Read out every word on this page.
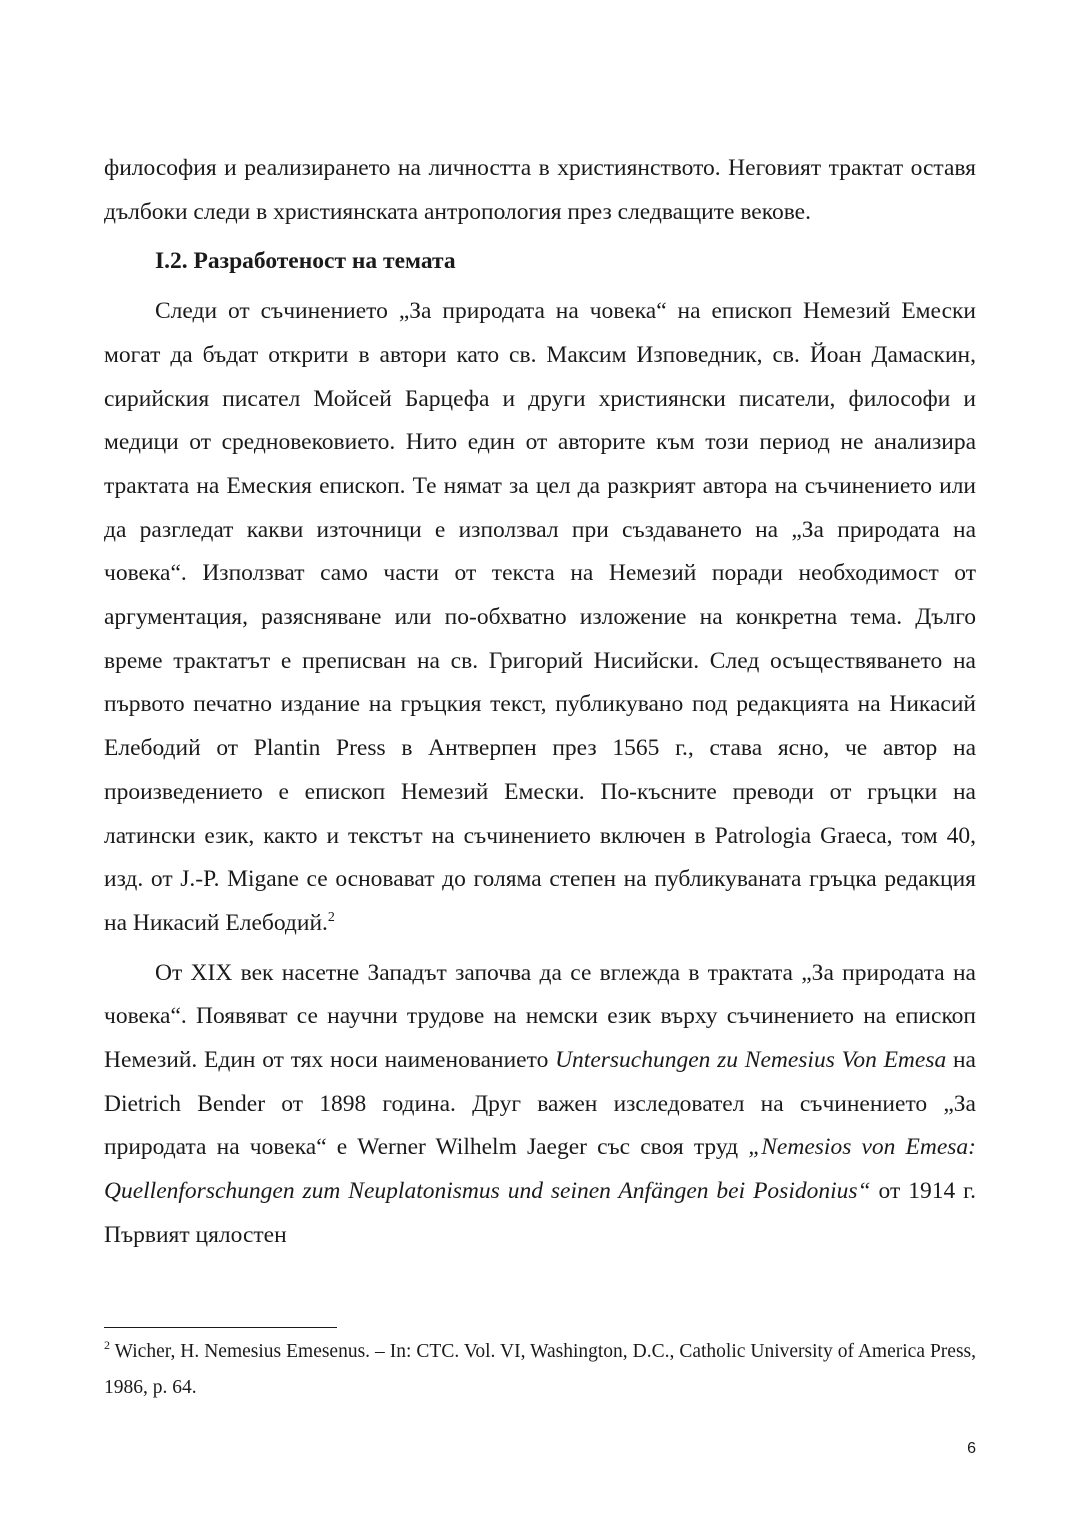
философия и реализирането на личността в християнството. Неговият трактат оставя дълбоки следи в християнската антропология през следващите векове.

I.2. Разработеност на темата

Следи от съчинението „За природата на човека“ на епископ Немезий Емески могат да бъдат открити в автори като св. Максим Изповедник, св. Йоан Дамаскин, сирийския писател Мойсей Барцефа и други християнски писатели, философи и медици от средновековието. Нито един от авторите към този период не анализира трактата на Емеския епископ. Те нямат за цел да разкрият автора на съчинението или да разгледат какви източници е използвал при създаването на „За природата на човека“. Използват само части от текста на Немезий поради необходимост от аргументация, разясняване или по-обхватно изложение на конкретна тема. Дълго време трактатът е преписван на св. Григорий Нисийски. След осъществяването на първото печатно издание на гръцкия текст, публикувано под редакцията на Никасий Елебодий от Plantin Press в Антверпен през 1565 г., става ясно, че автор на произведението е епископ Немезий Емески. По-късните преводи от гръцки на латински език, както и текстът на съчинението включен в Patrologia Graeca, том 40, изд. от J.-P. Migane се основават до голяма степен на публикуваната гръцка редакция на Никасий Елебодий.$^2$

От XIX век насетне Западът започва да се вглежда в трактата „За природата на човека“. Появяват се научни трудове на немски език върху съчинението на епископ Немезий. Един от тях носи наименованието Untersuchungen zu Nemesius Von Emesa на Dietrich Bender от 1898 година. Друг важен изследовател на съчинението „За природата на човека“ е Werner Wilhelm Jaeger със своя труд „Nemesios von Emesa: Quellenforschungen zum Neuplatonismus und seinen Anfängen bei Posidonius“ от 1914 г. Първият цялостен

$^2$ Wicher, H. Nemesius Emesenus. – In: CTC. Vol. VI, Washington, D.C., Catholic University of America Press, 1986, p. 64.

6
